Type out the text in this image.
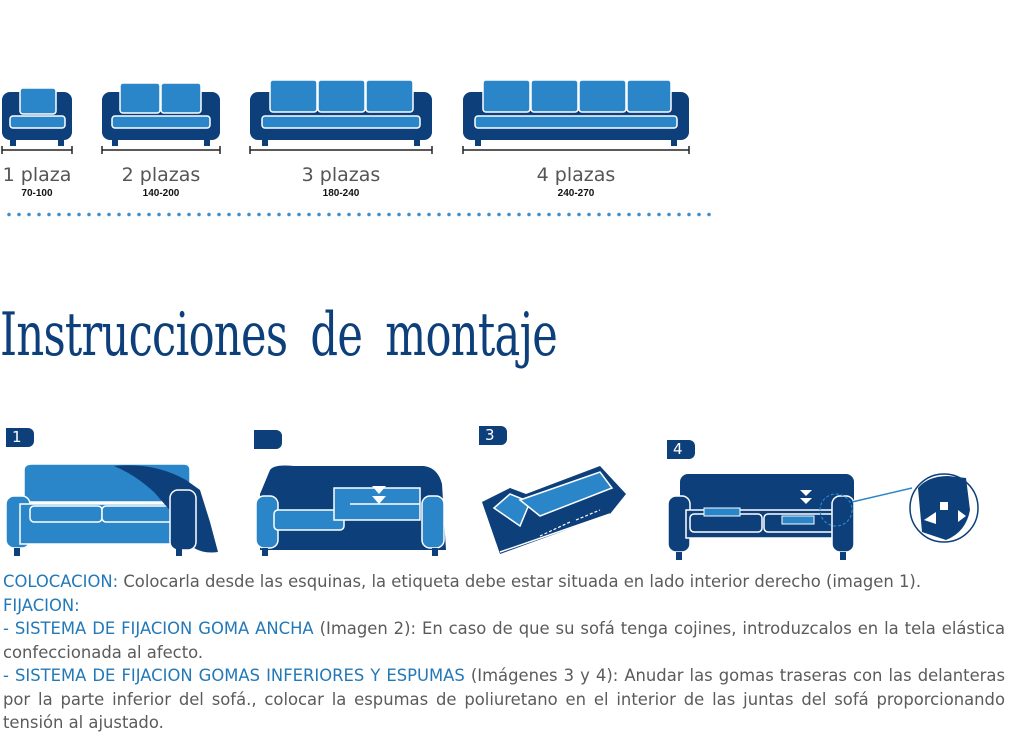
1 plaza
70-100
2 plazas
140-200
3 plazas
180-240
4 plazas
240-270
Instrucciones de montaje
1	3
4

COLOCACION: Colocarla desde las esquinas, la etiqueta debe estar situada en lado interior derecho (imagen 1).

FIJACION:

- SISTEMA DE FIJACION GOMA ANCHA (Imagen 2): En caso de que su sofá tenga cojines, introduzcalos en la tela elástica confeccionada al afecto.

- SISTEMA DE FIJACION GOMAS INFERIORES Y ESPUMAS (Imágenes 3 y 4): Anudar las gomas traseras con las delanteras por la parte inferior del sofá., colocar la espumas de poliuretano en el interior de las juntas del sofá proporcionando tensión al ajustado.
